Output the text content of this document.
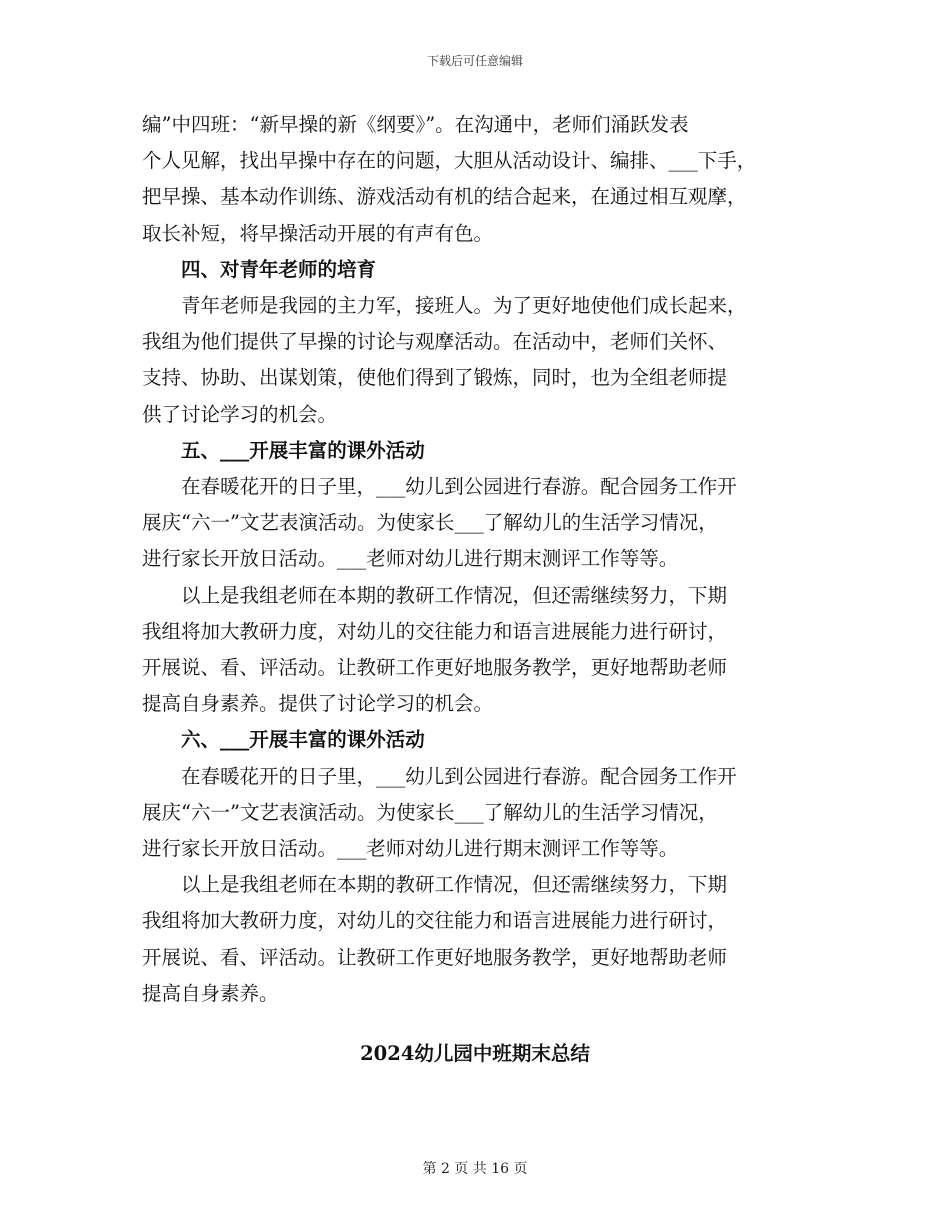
下载后可任意编辑

编”中四班：“新早操的新《纲要》”。在沟通中，老师们涌跃发表

个人见解，找出早操中存在的问题，大胆从活动设计、编排、___下手，

把早操、基本动作训练、游戏活动有机的结合起来，在通过相互观摩，

取长补短，将早操活动开展的有声有色。

四、对青年老师的培育

青年老师是我园的主力军，接班人。为了更好地使他们成长起来，

我组为他们提供了早操的讨论与观摩活动。在活动中，老师们关怀、

支持、协助、出谋划策，使他们得到了锻炼，同时，也为全组老师提

供了讨论学习的机会。

五、___开展丰富的课外活动

在春暖花开的日子里，___幼儿到公园进行春游。配合园务工作开

展庆“六一”文艺表演活动。为使家长___了解幼儿的生活学习情况，

进行家长开放日活动。___老师对幼儿进行期末测评工作等等。

以上是我组老师在本期的教研工作情况，但还需继续努力，下期

我组将加大教研力度，对幼儿的交往能力和语言进展能力进行研讨，

开展说、看、评活动。让教研工作更好地服务教学，更好地帮助老师

提高自身素养。提供了讨论学习的机会。

六、___开展丰富的课外活动

在春暖花开的日子里，___幼儿到公园进行春游。配合园务工作开

展庆“六一”文艺表演活动。为使家长___了解幼儿的生活学习情况，

进行家长开放日活动。___老师对幼儿进行期末测评工作等等。

以上是我组老师在本期的教研工作情况，但还需继续努力，下期

我组将加大教研力度，对幼儿的交往能力和语言进展能力进行研讨，

开展说、看、评活动。让教研工作更好地服务教学，更好地帮助老师

提高自身素养。

2024幼儿园中班期末总结
第 2 页 共 16 页
